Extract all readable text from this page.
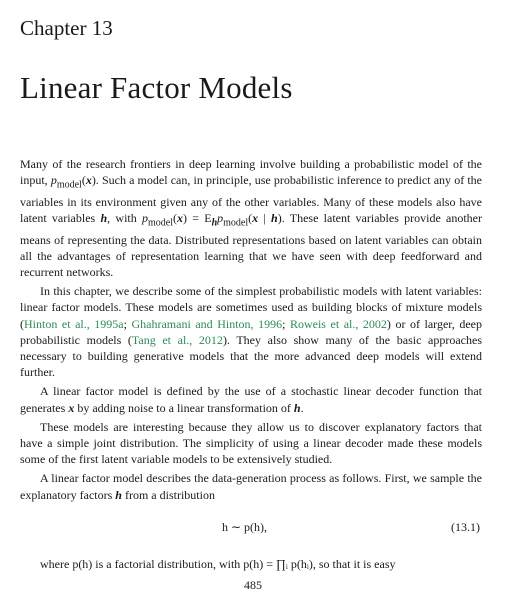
Chapter 13
Linear Factor Models

Many of the research frontiers in deep learning involve building a probabilistic model of the input, $p_{model}(x)$. Such a model can, in principle, use probabilistic inference to predict any of the variables in its environment given any of the other variables. Many of these models also have latent variables h, with $p_{model}(x) = E_hp_{model}(x$ | h). These latent variables provide another means of representing the data. Distributed representations based on latent variables can obtain all the advantages of representation learning that we have seen with deep feedforward and recurrent networks.

In this chapter, we describe some of the simplest probabilistic models with latent variables: linear factor models. These models are sometimes used as building blocks of mixture models (Hinton et al., 1995a; Ghahramani and Hinton, 1996; Roweis et al., 2002) or of larger, deep probabilistic models (Tang et al., 2012). They also show many of the basic approaches necessary to building generative models that the more advanced deep models will extend further.

A linear factor model is defined by the use of a stochastic linear decoder function that generates x by adding noise to a linear transformation of h.

These models are interesting because they allow us to discover explanatory factors that have a simple joint distribution. The simplicity of using a linear decoder made these models some of the first latent variable models to be extensively studied.

A linear factor model describes the data-generation process as follows. First, we sample the explanatory factors h from a distribution

h ∼ p(h),	(13.1)
where p(h) is a factorial distribution, with p(h) = ∏ᵢ p(hᵢ), so that it is easy
485
